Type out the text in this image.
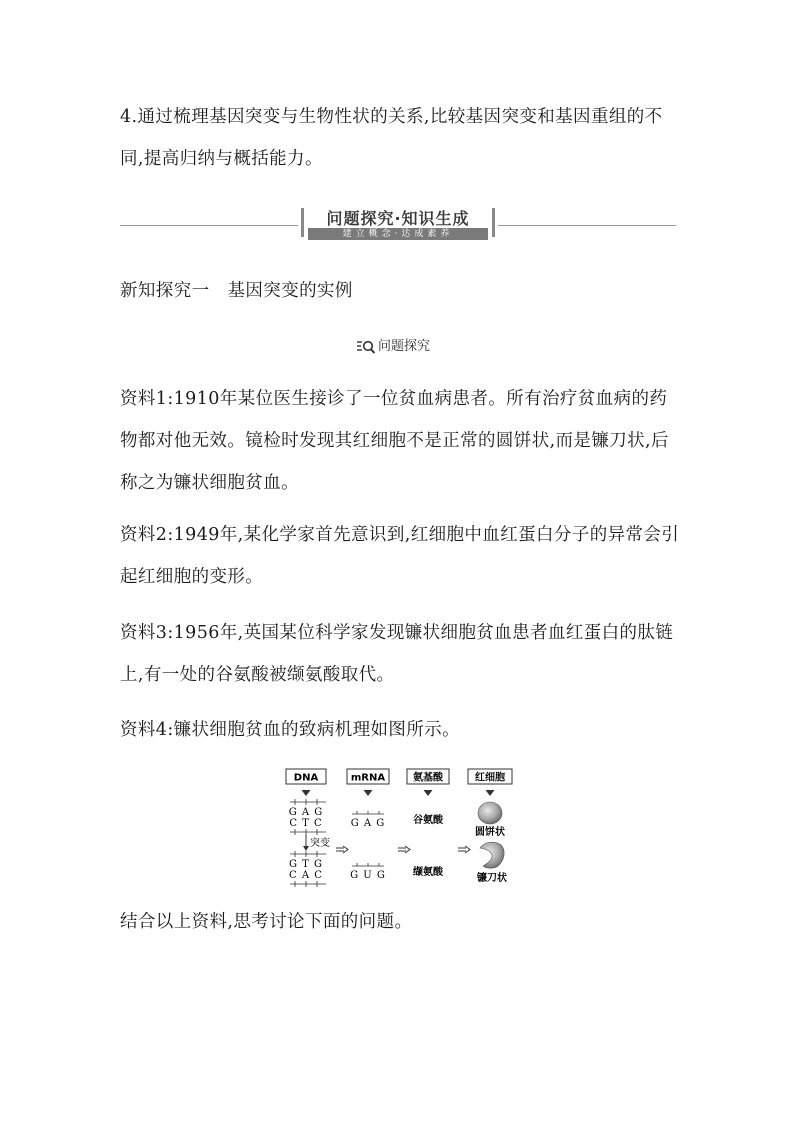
4.通过梳理基因突变与生物性状的关系,比较基因突变和基因重组的不同,提高归纳与概括能力。

问题探究·知识生成
建立概念·达成素养
新知探究一 基因突变的实例
问题探究

资料1:1910年某位医生接诊了一位贫血病患者。所有治疗贫血病的药物都对他无效。镜检时发现其红细胞不是正常的圆饼状,而是镰刀状,后称之为镰状细胞贫血。

资料2:1949年,某化学家首先意识到,红细胞中血红蛋白分子的异常会引起红细胞的变形。

资料3:1956年,英国某位科学家发现镰状细胞贫血患者血红蛋白的肽链上,有一处的谷氨酸被缬氨酸取代。

资料4:镰状细胞贫血的致病机理如图所示。

DNA	mRNA	氨基酸	红细胞
G A G
C T C
突变
G T G
C A C
G A G
G U G
谷氨酸
缬氨酸
圆饼状
镰刀状

结合以上资料,思考讨论下面的问题。
